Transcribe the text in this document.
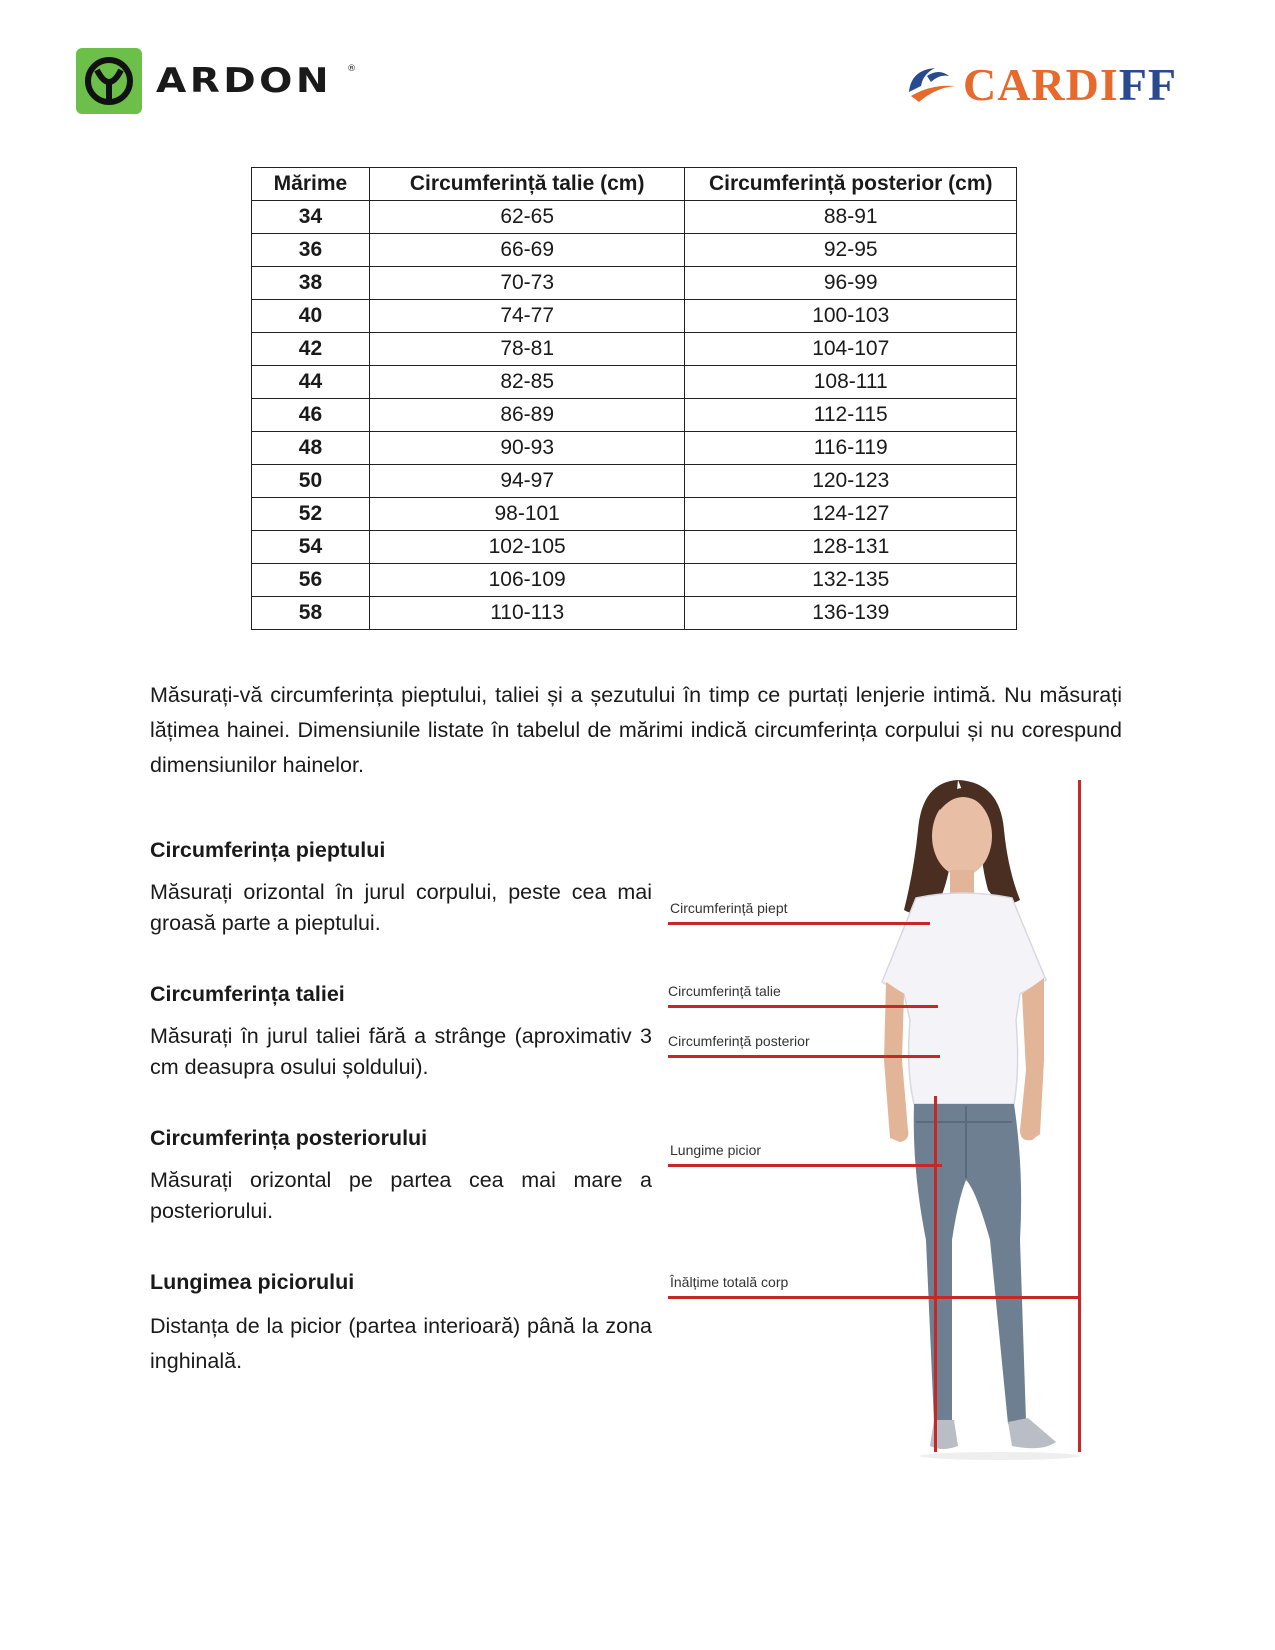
ARDON ®	CARDIFF
Mărime	Circumferință talie (cm)	Circumferință posterior (cm)
34	62-65	88-91
36	66-69	92-95
38	70-73	96-99
40	74-77	100-103
42	78-81	104-107
44	82-85	108-111
46	86-89	112-115
48	90-93	116-119
50	94-97	120-123
52	98-101	124-127
54	102-105	128-131
56	106-109	132-135
58	110-113	136-139
Măsurați-vă circumferința pieptului, taliei și a șezutului în timp ce purtați lenjerie intimă. Nu măsurați lățimea hainei. Dimensiunile listate în tabelul de mărimi indică circumferința corpului și nu corespund dimensiunilor hainelor.
Circumferința pieptului

Măsurați orizontal în jurul corpului, peste cea mai groasă parte a pieptului.

Circumferința taliei

Măsurați în jurul taliei fără a strânge (aproximativ 3 cm deasupra osului șoldului).

Circumferința posteriorului

Măsurați orizontal pe partea cea mai mare a posteriorului.

Lungimea piciorului

Distanța de la picior (partea interioară) până la zona inghinală.

Circumferință piept
Circumferință talie
Circumferință posterior
Lungime picior
Înălțime totală corp
